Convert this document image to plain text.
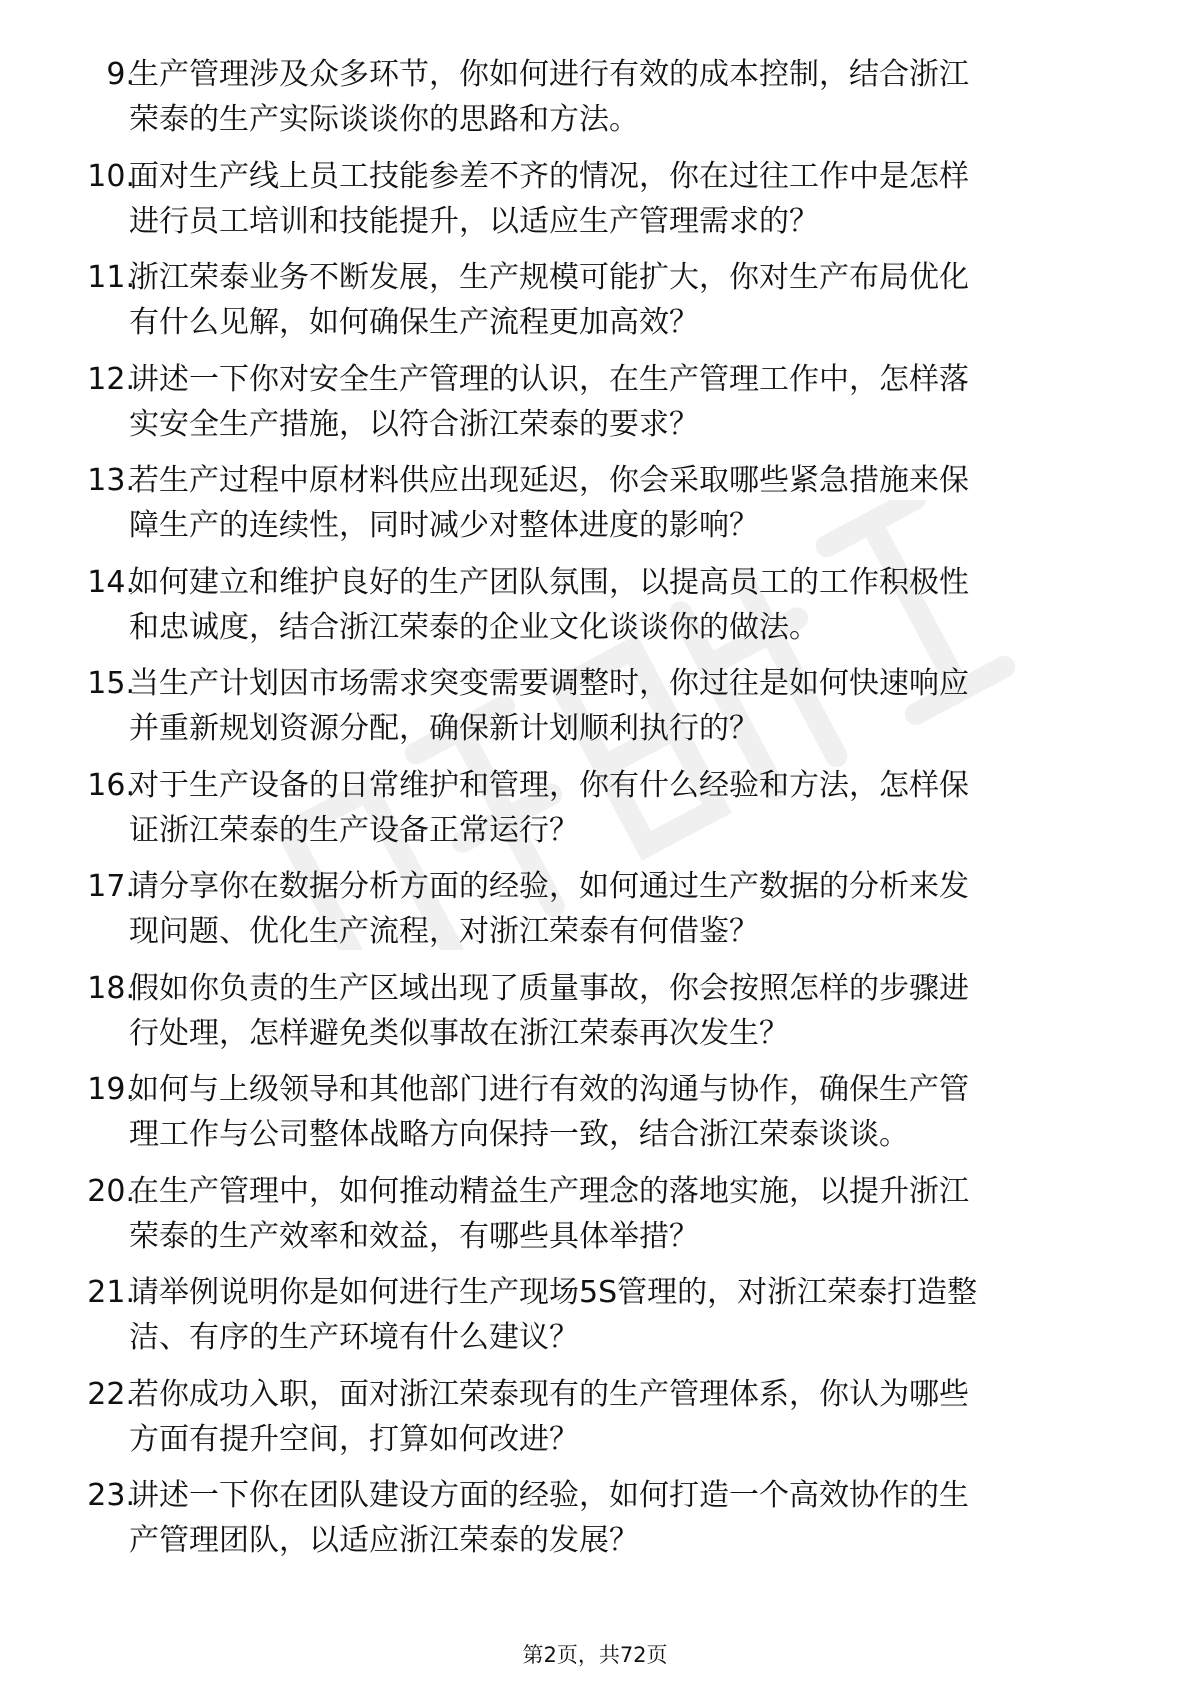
9.
生产管理涉及众多环节，你如何进行有效的成本控制，结合浙江
荣泰的生产实际谈谈你的思路和方法。
10.
面对生产线上员工技能参差不齐的情况，你在过往工作中是怎样
进行员工培训和技能提升，以适应生产管理需求的？
11.
浙江荣泰业务不断发展，生产规模可能扩大，你对生产布局优化
有什么见解，如何确保生产流程更加高效？
12.
讲述一下你对安全生产管理的认识，在生产管理工作中，怎样落
实安全生产措施，以符合浙江荣泰的要求？
13.
若生产过程中原材料供应出现延迟，你会采取哪些紧急措施来保
障生产的连续性，同时减少对整体进度的影响？
14.
如何建立和维护良好的生产团队氛围，以提高员工的工作积极性
和忠诚度，结合浙江荣泰的企业文化谈谈你的做法。
15.
当生产计划因市场需求突变需要调整时，你过往是如何快速响应
并重新规划资源分配，确保新计划顺利执行的？
16.
对于生产设备的日常维护和管理，你有什么经验和方法，怎样保
证浙江荣泰的生产设备正常运行？
17.
请分享你在数据分析方面的经验，如何通过生产数据的分析来发
现问题、优化生产流程，对浙江荣泰有何借鉴？
18.
假如你负责的生产区域出现了质量事故，你会按照怎样的步骤进
行处理，怎样避免类似事故在浙江荣泰再次发生？
19.
如何与上级领导和其他部门进行有效的沟通与协作，确保生产管
理工作与公司整体战略方向保持一致，结合浙江荣泰谈谈。
20.
在生产管理中，如何推动精益生产理念的落地实施，以提升浙江
荣泰的生产效率和效益，有哪些具体举措？
21.
请举例说明你是如何进行生产现场5S管理的，对浙江荣泰打造整
洁、有序的生产环境有什么建议？
22.
若你成功入职，面对浙江荣泰现有的生产管理体系，你认为哪些
方面有提升空间，打算如何改进？
23.
讲述一下你在团队建设方面的经验，如何打造一个高效协作的生
产管理团队，以适应浙江荣泰的发展？
第2页，共72页
